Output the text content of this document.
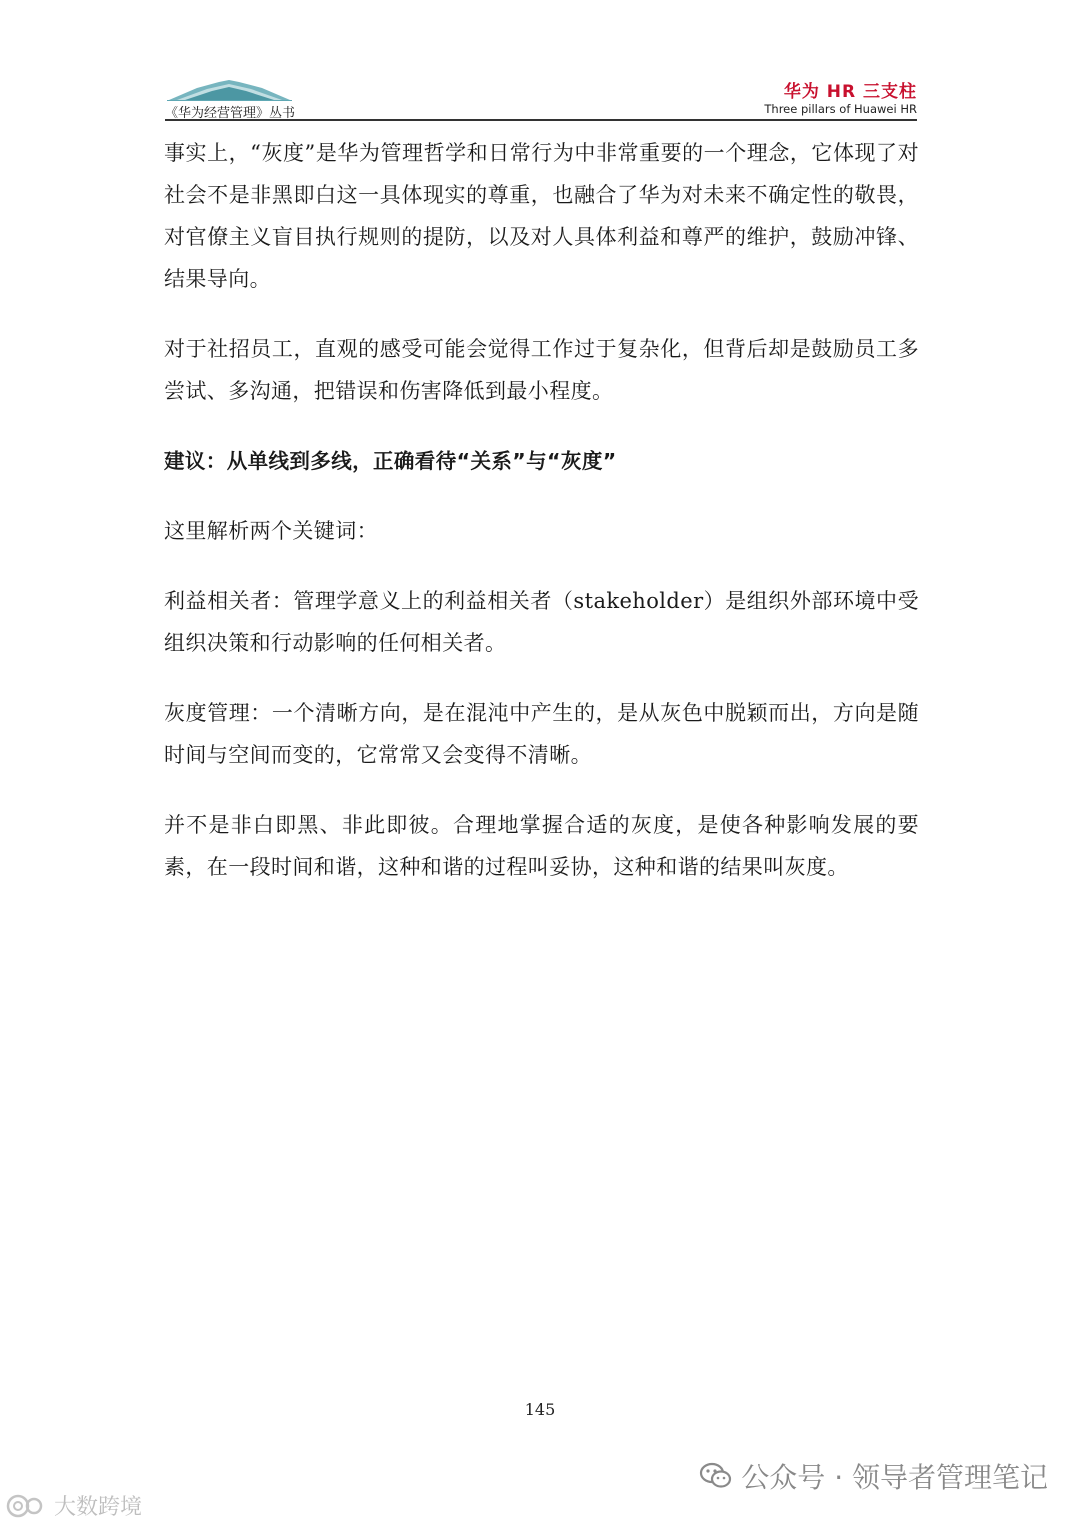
《华为经营管理》丛书
华为 HR 三支柱
Three pillars of Huawei HR

事实上，“灰度”是华为管理哲学和日常行为中非常重要的一个理念，它体现了对社会不是非黑即白这一具体现实的尊重，也融合了华为对未来不确定性的敬畏，对官僚主义盲目执行规则的提防，以及对人具体利益和尊严的维护，鼓励冲锋、结果导向。

对于社招员工，直观的感受可能会觉得工作过于复杂化，但背后却是鼓励员工多尝试、多沟通，把错误和伤害降低到最小程度。

建议：从单线到多线，正确看待“关系”与“灰度”

这里解析两个关键词：

利益相关者：管理学意义上的利益相关者（stakeholder）是组织外部环境中受组织决策和行动影响的任何相关者。

灰度管理：一个清晰方向，是在混沌中产生的，是从灰色中脱颖而出，方向是随时间与空间而变的，它常常又会变得不清晰。

并不是非白即黑、非此即彼。合理地掌握合适的灰度，是使各种影响发展的要素，在一段时间和谐，这种和谐的过程叫妥协，这种和谐的结果叫灰度。

145
大数跨境
公众号 · 领导者管理笔记
